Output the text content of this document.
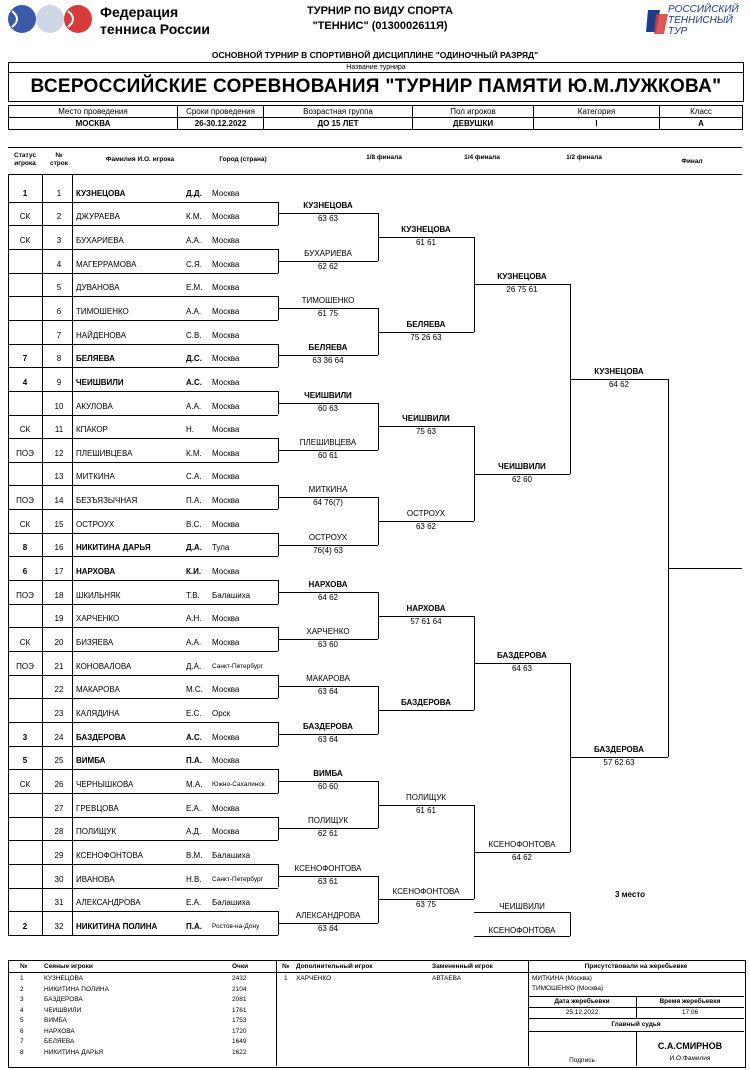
Федерация
тенниса России
ТУРНИР ПО ВИДУ СПОРТА
"ТЕННИС" (0130002611Я)
РОССИЙСКИЙ
ТЕННИСНЫЙ
ТУР
ОСНОВНОЙ ТУРНИР В СПОРТИВНОЙ ДИСЦИПЛИНЕ "ОДИНОЧНЫЙ РАЗРЯД"
Название турнира
ВСЕРОССИЙСКИЕ СОРЕВНОВАНИЯ "ТУРНИР ПАМЯТИ Ю.М.ЛУЖКОВА"
Место проведения	Сроки проведения	Возрастная группа	Пол игроков	Категория	Класс
МОСКВА	26-30.12.2022	ДО 15 ЛЕТ	ДЕВУШКИ	I	А
Статус игрока
№ строк
Фамилия И.О. игрока	Город (страна)	1/8 финала	1/4 финала	1/2 финала
Финал
1	1	КУЗНЕЦОВА	Д.Д. Москва
СК	2	ДЖУРАЕВА	К.М. Москва
СК	3	БУХАРИЕВА	А.А. Москва
4	МАГЕРРАМОВА	С.Я. Москва
5	ДУВАНОВА	Е.М. Москва
6	ТИМОШЕНКО	А.А. Москва
7	НАЙДЕНОВА	С.В. Москва
7	8	БЕЛЯЕВА	Д.С. Москва
4	9	ЧЕИШВИЛИ	А.С. Москва
10	АКУЛОВА	А.А. Москва
СК	11	КПАКОР	Н. Москва
ПОЭ	12	ПЛЕШИВЦЕВА	К.М. Москва
13	МИТКИНА	С.А. Москва
ПОЭ	14	БЕЗЪЯЗЫЧНАЯ	П.А. Москва
СК	15	ОСТРОУХ	В.С. Москва
8	16	НИКИТИНА ДАРЬЯ	Д.А. Тула
6	17	НАРХОВА	К.И. Москва
ПОЭ	18	ШКИЛЬНЯК	Т.В. Балашиха
19	ХАРЧЕНКО	А.Н. Москва
СК	20	БИЗЯЕВА	А.А. Москва
ПОЭ	21	КОНОВАЛОВА	Д.А. Санкт-Петербург
22	МАКАРОВА	М.С. Москва
23	КАЛЯДИНА	Е.С. Орск
3	24	БАЗДЕРОВА	А.С. Москва
5	25	ВИМБА	П.А. Москва
СК	26	ЧЕРНЫШКОВА	М.А. Южно-Сахалинск
27	ГРЕВЦОВА	Е.А. Москва
28	ПОЛИЩУК	А.Д. Москва
29	КСЕНОФОНТОВА	В.М. Балашиха
30	ИВАНОВА	Н.В. Санкт-Петербург
31	АЛЕКСАНДРОВА	Е.А. Балашиха
2	32	НИКИТИНА ПОЛИНА	П.А. Ростов-на-Дону
КУЗНЕЦОВА
63 63
БУХАРИЕВА
62 62
ТИМОШЕНКО
61 75
БЕЛЯЕВА
63 36 64
ЧЕИШВИЛИ
60 63
ПЛЕШИВЦЕВА
60 61
МИТКИНА
64 76(7)
ОСТРОУХ
76(4) 63
НАРХОВА
64 62
ХАРЧЕНКО
63 60
МАКАРОВА
63 64
БАЗДЕРОВА
63 64
ВИМБА
60 60
ПОЛИЩУК
62 61
КСЕНОФОНТОВА
63 61
АЛЕКСАНДРОВА
63 64
КУЗНЕЦОВА
61 61
БЕЛЯЕВА
75 26 63
ЧЕИШВИЛИ
75 63
ОСТРОУХ
63 62
НАРХОВА
57 61 64
БАЗДЕРОВА
ПОЛИЩУК
61 61
КСЕНОФОНТОВА
63 75
КУЗНЕЦОВА
26 75 61
ЧЕИШВИЛИ
62 60
БАЗДЕРОВА
64 63
КСЕНОФОНТОВА
64 62
КУЗНЕЦОВА
64 62
БАЗДЕРОВА
57 62 63
3 место
ЧЕИШВИЛИ
КСЕНОФОНТОВА
№	Сеяные игроки	Очки
1	КУЗНЕЦОВА	2432
2	НИКИТИНА ПОЛИНА	2104
3	БАЗДЕРОВА	2081
4	ЧЕИШВИЛИ	1761
5	ВИМБА	1753
6	НАРХОВА	1720
7	БЕЛЯЕВА	1649
8	НИКИТИНА ДАРЬЯ	1622
№ Дополнительный игрок	Замененный игрок
1 ХАРЧЕНКО	АВТАЕВА
Присутствовали на жеребьевке
МИТКИНА (Москва)
ТИМОШЕНКО (Москва)
Дата жеребьевки	Время жеребьевки
25.12.2022	17:06
Главный судья
С.А.СМИРНОВ
Подпись	И.О.Фамилия
